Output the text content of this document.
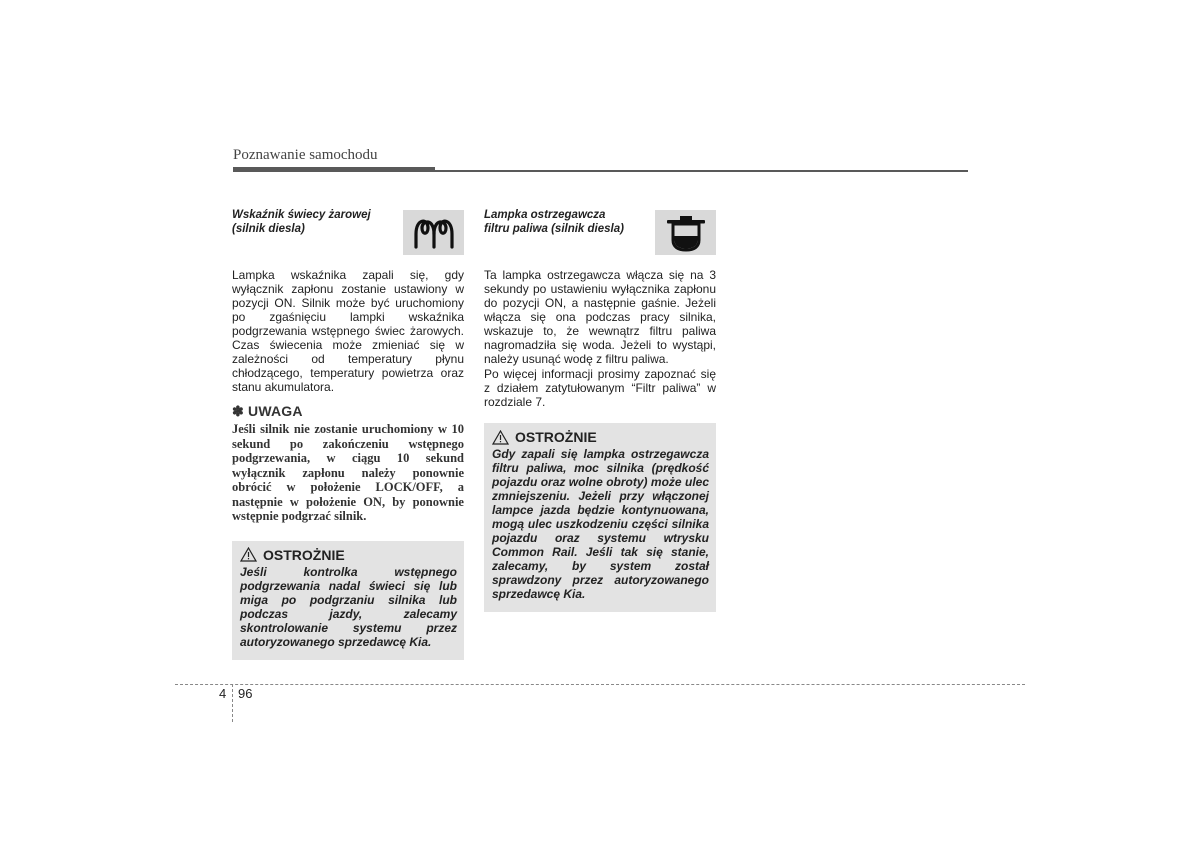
Poznawanie samochodu
Wskaźnik świecy żarowej
(silnik diesla)

Lampka wskaźnika zapali się, gdy wyłącznik zapłonu zostanie ustawiony w pozycji ON. Silnik może być uruchomiony po zgaśnięciu lampki wskaźnika podgrzewania wstępnego świec żarowych. Czas świecenia może zmieniać się w zależności od temperatury płynu chłodzącego, temperatury powietrza oraz stanu akumulatora.

✽ UWAGA

Jeśli silnik nie zostanie uruchomiony w 10 sekund po zakończeniu wstępnego podgrzewania, w ciągu 10 sekund wyłącznik zapłonu należy ponownie obrócić w położenie LOCK/OFF, a następnie w położenie ON, by ponownie wstępnie podgrzać silnik.

OSTROŻNIE

Jeśli kontrolka wstępnego podgrzewania nadal świeci się lub miga po podgrzaniu silnika lub podczas jazdy, zalecamy skontrolowanie systemu przez autoryzowanego sprzedawcę Kia.

Lampka ostrzegawcza
filtru paliwa (silnik diesla)

Ta lampka ostrzegawcza włącza się na 3 sekundy po ustawieniu wyłącznika zapłonu do pozycji ON, a następnie gaśnie. Jeżeli włącza się ona podczas pracy silnika, wskazuje to, że wewnątrz filtru paliwa nagromadziła się woda. Jeżeli to wystąpi, należy usunąć wodę z filtru paliwa.

Po więcej informacji prosimy zapoznać się z działem zatytułowanym “Filtr paliwa” w rozdziale 7.

OSTROŻNIE

Gdy zapali się lampka ostrzegawcza filtru paliwa, moc silnika (prędkość pojazdu oraz wolne obroty) może ulec zmniejszeniu. Jeżeli przy włączonej lampce jazda będzie kontynuowana, mogą ulec uszkodzeniu części silnika pojazdu oraz systemu wtrysku Common Rail. Jeśli tak się stanie, zalecamy, by system został sprawdzony przez autoryzowanego sprzedawcę Kia.

4 96
